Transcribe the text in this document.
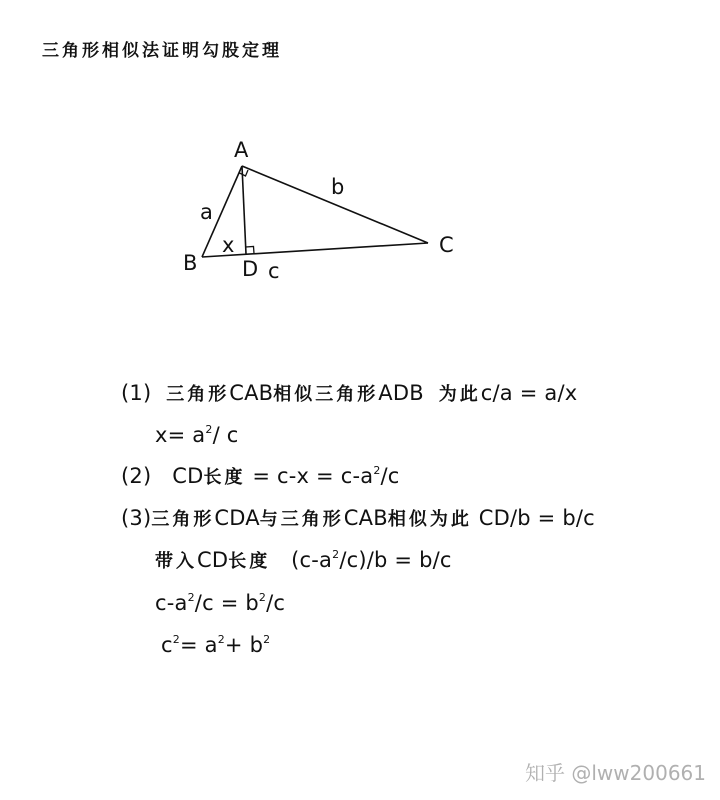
三角形相似法证明勾股定理
A
B
C
D
a
b
c
x
(1) 三角形CAB相似三角形ADB 为此c/a = a/x
$x= a^2/$ c
(2) CD长度 = $c-x = c-a^2/c$
(3)三角形CDA与三角形CAB相似为此 CD/b = b/c
带入CD长度 $(c-a^2/c)/b = b/c$
$c-a^2/c = b^2/c$
$c^2= a^2+ b^2$
知乎 @lww200661
